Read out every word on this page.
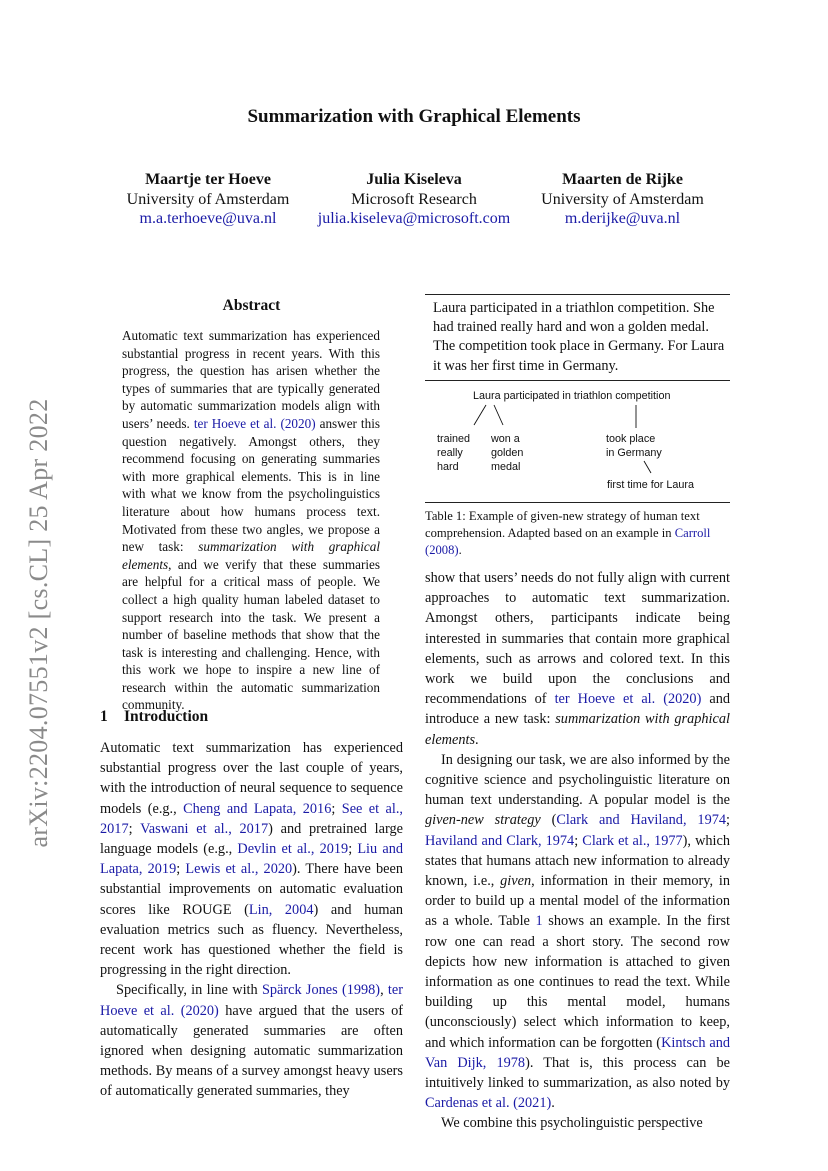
arXiv:2204.07551v2 [cs.CL] 25 Apr 2022
Summarization with Graphical Elements
Maartje ter Hoeve
University of Amsterdam
m.a.terhoeve@uva.nl
Julia Kiseleva
Microsoft Research
julia.kiseleva@microsoft.com
Maarten de Rijke
University of Amsterdam
m.derijke@uva.nl
Abstract
Automatic text summarization has experienced substantial progress in recent years. With this progress, the question has arisen whether the types of summaries that are typically generated by automatic summarization models align with users’ needs. ter Hoeve et al. (2020) answer this question negatively. Amongst others, they recommend focusing on generating summaries with more graphical elements. This is in line with what we know from the psycholinguistics literature about how humans process text. Motivated from these two angles, we propose a new task: summarization with graphical elements, and we verify that these summaries are helpful for a critical mass of people. We collect a high quality human labeled dataset to support research into the task. We present a number of baseline methods that show that the task is interesting and challenging. Hence, with this work we hope to inspire a new line of research within the automatic summarization community.
1 Introduction

Automatic text summarization has experienced substantial progress over the last couple of years, with the introduction of neural sequence to sequence models (e.g., Cheng and Lapata, 2016; See et al., 2017; Vaswani et al., 2017) and pretrained large language models (e.g., Devlin et al., 2019; Liu and Lapata, 2019; Lewis et al., 2020). There have been substantial improvements on automatic evaluation scores like ROUGE (Lin, 2004) and human evaluation metrics such as fluency. Nevertheless, recent work has questioned whether the field is progressing in the right direction.

Specifically, in line with Spärck Jones (1998), ter Hoeve et al. (2020) have argued that the users of automatically generated summaries are often ignored when designing automatic summarization methods. By means of a survey amongst heavy users of automatically generated summaries, they

Laura participated in a triathlon competition. She had trained really hard and won a golden medal. The competition took place in Germany. For Laura it was her first time in Germany.
Laura participated in triathlon competition
trained
really
hard
won a
golden
medal
took place
in Germany
first time for Laura
Table 1: Example of given-new strategy of human text comprehension. Adapted based on an example in Carroll (2008).

show that users’ needs do not fully align with current approaches to automatic text summarization. Amongst others, participants indicate being interested in summaries that contain more graphical elements, such as arrows and colored text. In this work we build upon the conclusions and recommendations of ter Hoeve et al. (2020) and introduce a new task: summarization with graphical elements.

In designing our task, we are also informed by the cognitive science and psycholinguistic literature on human text understanding. A popular model is the given-new strategy (Clark and Haviland, 1974; Haviland and Clark, 1974; Clark et al., 1977), which states that humans attach new information to already known, i.e., given, information in their memory, in order to build up a mental model of the information as a whole. Table 1 shows an example. In the first row one can read a short story. The second row depicts how new information is attached to given information as one continues to read the text. While building up this mental model, humans (unconsciously) select which information to keep, and which information can be forgotten (Kintsch and Van Dijk, 1978). That is, this process can be intuitively linked to summarization, as also noted by Cardenas et al. (2021).

We combine this psycholinguistic perspective
